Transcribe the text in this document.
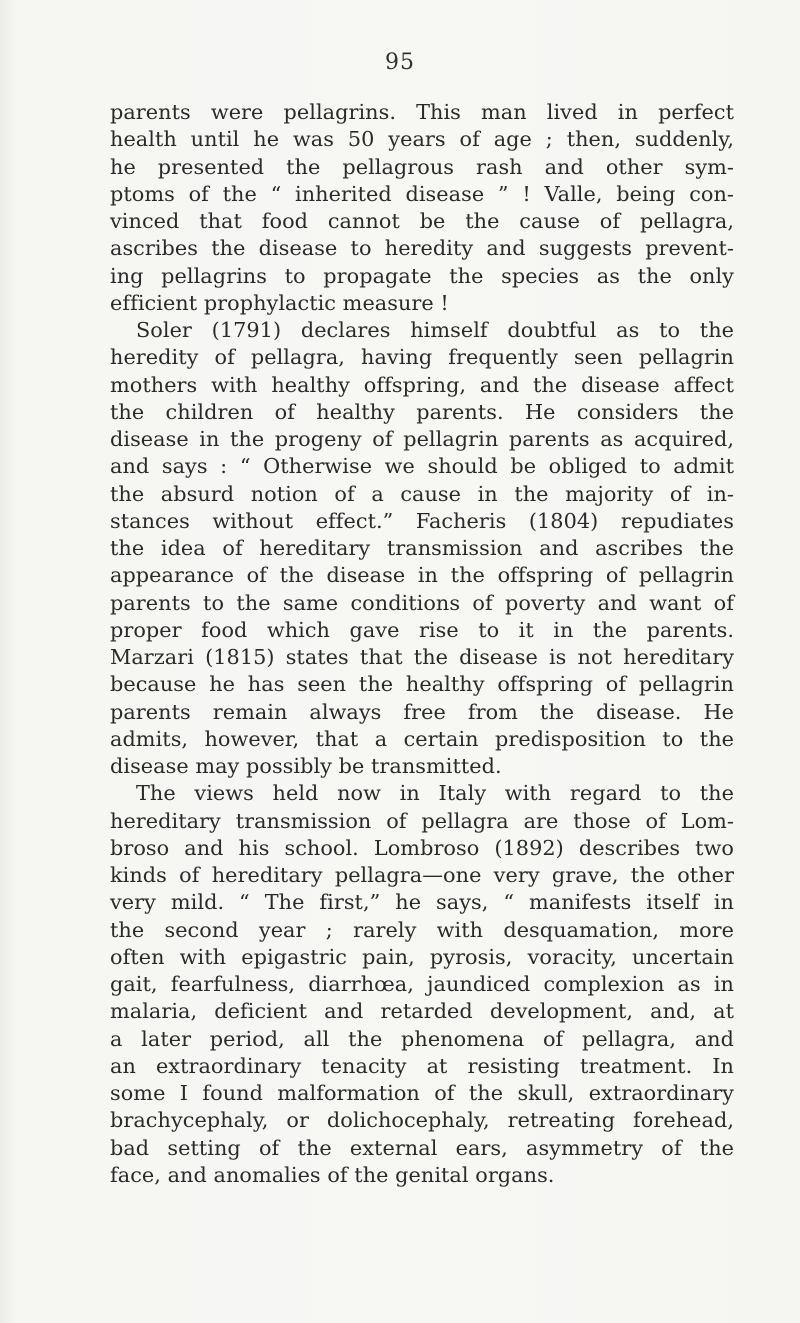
95
parents were pellagrins. This man lived in perfect
health until he was 50 years of age ; then, suddenly,
he presented the pellagrous rash and other sym-
ptoms of the “ inherited disease ” ! Valle, being con-
vinced that food cannot be the cause of pellagra,
ascribes the disease to heredity and suggests prevent-
ing pellagrins to propagate the species as the only
efficient prophylactic measure !
Soler (1791) declares himself doubtful as to the
heredity of pellagra, having frequently seen pellagrin
mothers with healthy offspring, and the disease affect
the children of healthy parents. He considers the
disease in the progeny of pellagrin parents as acquired,
and says : “ Otherwise we should be obliged to admit
the absurd notion of a cause in the majority of in-
stances without effect.” Facheris (1804) repudiates
the idea of hereditary transmission and ascribes the
appearance of the disease in the offspring of pellagrin
parents to the same conditions of poverty and want of
proper food which gave rise to it in the parents.
Marzari (1815) states that the disease is not hereditary
because he has seen the healthy offspring of pellagrin
parents remain always free from the disease. He
admits, however, that a certain predisposition to the
disease may possibly be transmitted.
The views held now in Italy with regard to the
hereditary transmission of pellagra are those of Lom-
broso and his school. Lombroso (1892) describes two
kinds of hereditary pellagra—one very grave, the other
very mild. “ The first,” he says, “ manifests itself in
the second year ; rarely with desquamation, more
often with epigastric pain, pyrosis, voracity, uncertain
gait, fearfulness, diarrhœa, jaundiced complexion as in
malaria, deficient and retarded development, and, at
a later period, all the phenomena of pellagra, and
an extraordinary tenacity at resisting treatment. In
some I found malformation of the skull, extraordinary
brachycephaly, or dolichocephaly, retreating forehead,
bad setting of the external ears, asymmetry of the
face, and anomalies of the genital organs.
